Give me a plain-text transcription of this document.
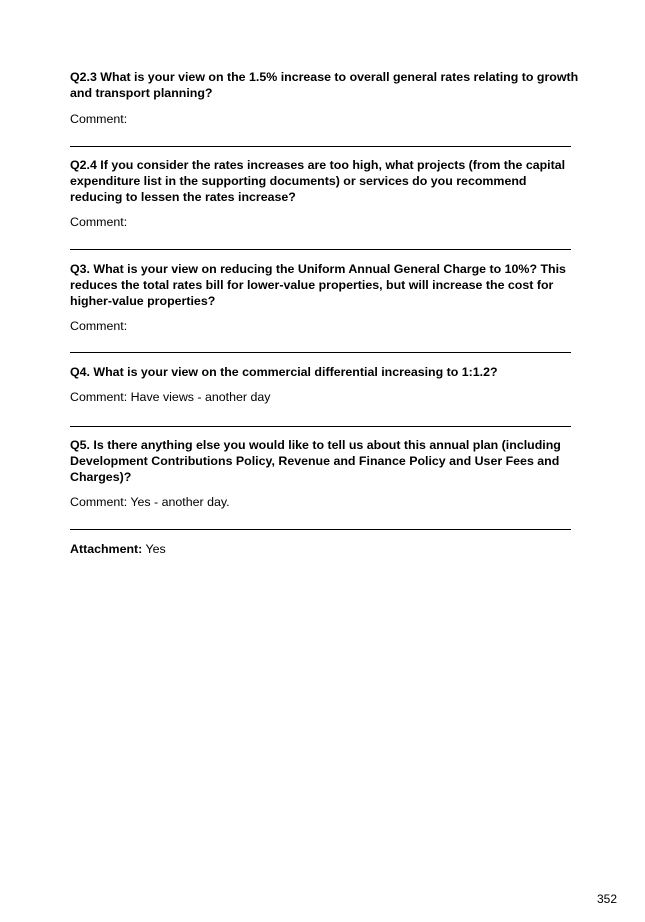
Q2.3 What is your view on the 1.5% increase to overall general rates relating to growth and transport planning?

Comment:

Q2.4 If you consider the rates increases are too high, what projects (from the capital expenditure list in the supporting documents) or services do you recommend reducing to lessen the rates increase?

Comment:

Q3. What is your view on reducing the Uniform Annual General Charge to 10%? This reduces the total rates bill for lower-value properties, but will increase the cost for higher-value properties?

Comment:

Q4. What is your view on the commercial differential increasing to 1:1.2?

Comment: Have views - another day

Q5. Is there anything else you would like to tell us about this annual plan (including Development Contributions Policy, Revenue and Finance Policy and User Fees and Charges)?

Comment: Yes - another day.

Attachment: Yes
352
